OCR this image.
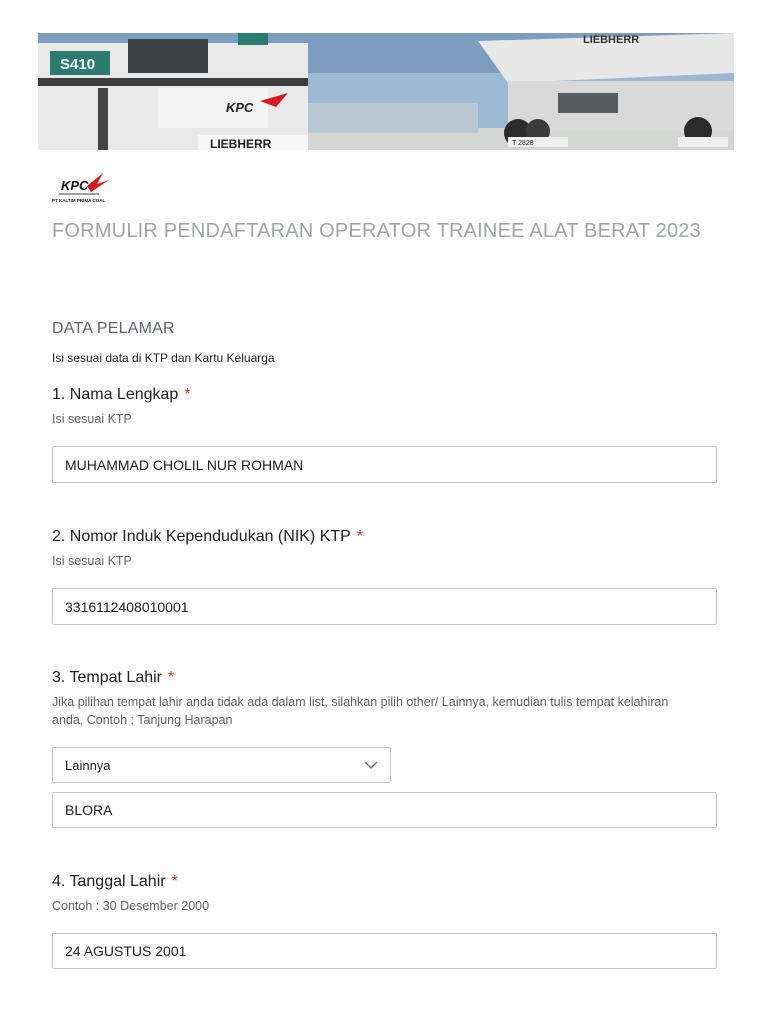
S410
KPC
LIEBHERR
LIEBHERR
T 2828
KPC
PT KALTIM PRIMA COAL
FORMULIR PENDAFTARAN OPERATOR TRAINEE ALAT BERAT 2023
DATA PELAMAR
Isi sesuai data di KTP dan Kartu Keluarga
1. Nama Lengkap *
Isi sesuai KTP
MUHAMMAD CHOLIL NUR ROHMAN
2. Nomor Induk Kependudukan (NIK) KTP *
Isi sesuai KTP
3316112408010001
3. Tempat Lahir *
Jika pilihan tempat lahir anda tidak ada dalam list, silahkan pilih other/ Lainnya, kemudian tulis tempat kelahiran anda, Contoh : Tanjung Harapan
Lainnya
BLORA
4. Tanggal Lahir *
Contoh : 30 Desember 2000
24 AGUSTUS 2001
